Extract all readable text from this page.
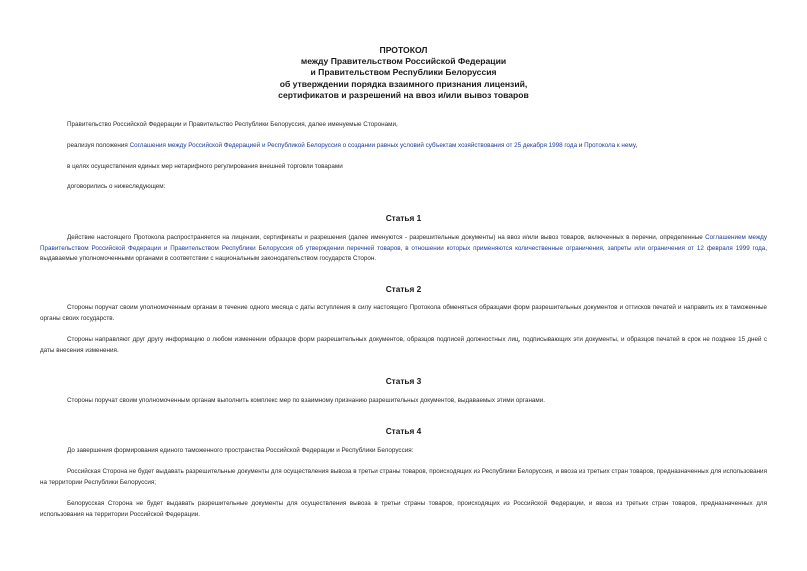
ПРОТОКОЛ
между Правительством Российской Федерации
и Правительством Республики Белоруссия
об утверждении порядка взаимного признания лицензий,
сертификатов и разрешений на ввоз и/или вывоз товаров
Правительство Российской Федерации и Правительство Республики Белоруссия, далее именуемые Сторонами,
реализуя положения Соглашения между Российской Федерацией и Республикой Белоруссия о создании равных условий субъектам хозяйствования от 25 декабря 1998 года и Протокола к нему,
в целях осуществления единых мер нетарифного регулирования внешней торговли товарами
договорились о нижеследующем:
Статья 1
Действие настоящего Протокола распространяется на лицензии, сертификаты и разрешения (далее именуются - разрешительные документы) на ввоз и/или вывоз товаров, включенных в перечни, определенные Соглашением между Правительством Российской Федерации и Правительством Республики Белоруссия об утверждении перечней товаров, в отношении которых применяются количественные ограничения, запреты или ограничения от 12 февраля 1999 года, выдаваемые уполномоченными органами в соответствии с национальным законодательством государств Сторон.
Статья 2
Стороны поручат своим уполномоченным органам в течение одного месяца с даты вступления в силу настоящего Протокола обменяться образцами форм разрешительных документов и оттисков печатей и направить их в таможенные органы своих государств.
Стороны направляют друг другу информацию о любом изменении образцов форм разрешительных документов, образцов подписей должностных лиц, подписывающих эти документы, и образцов печатей в срок не позднее 15 дней с даты внесения изменения.
Статья 3
Стороны поручат своим уполномоченным органам выполнить комплекс мер по взаимному признанию разрешительных документов, выдаваемых этими органами.
Статья 4
До завершения формирования единого таможенного пространства Российской Федерации и Республики Белоруссия:
Российская Сторона не будет выдавать разрешительные документы для осуществления вывоза в третьи страны товаров, происходящих из Республики Белоруссия, и ввоза из третьих стран товаров, предназначенных для использования на территории Республики Белоруссия;
Белорусская Сторона не будет выдавать разрешительные документы для осуществления вывоза в третьи страны товаров, происходящих из Российской Федерации, и ввоза из третьих стран товаров, предназначенных для использования на территории Российской Федерации.
